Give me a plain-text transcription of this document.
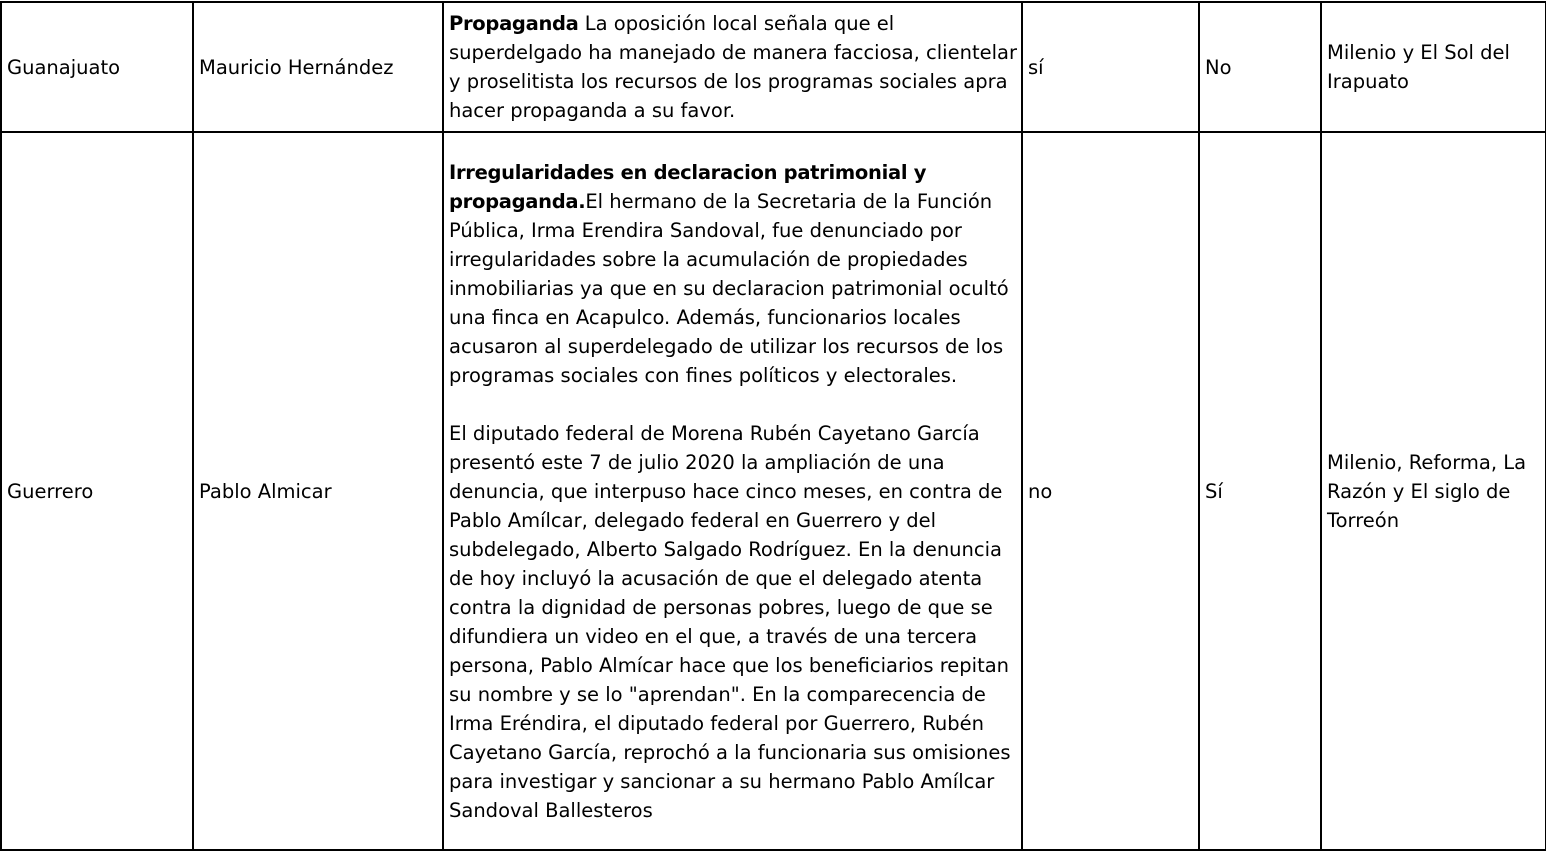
Guanajuato	Mauricio Hernández	Propaganda La oposición local señala que el superdelgado ha manejado de manera facciosa, clientelar y proselitista los recursos de los programas sociales apra hacer propaganda a su favor.	sí	No	Milenio y El Sol del Irapuato

Guerrero	Pablo Almicar	Irregularidades en declaracion patrimonial y propaganda.El hermano de la Secretaria de la Función Pública, Irma Erendira Sandoval, fue denunciado por irregularidades sobre la acumulación de propiedades inmobiliarias ya que en su declaracion patrimonial ocultó una finca en Acapulco. Además, funcionarios locales acusaron al superdelegado de utilizar los recursos de los programas sociales con fines políticos y electorales.
El diputado federal de Morena Rubén Cayetano García presentó este 7 de julio 2020 la ampliación de una denuncia, que interpuso hace cinco meses, en contra de Pablo Amílcar, delegado federal en Guerrero y del subdelegado, Alberto Salgado Rodríguez. En la denuncia de hoy incluyó la acusación de que el delegado atenta contra la dignidad de personas pobres, luego de que se difundiera un video en el que, a través de una tercera persona, Pablo Almícar hace que los beneficiarios repitan su nombre y se lo "aprendan". En la comparecencia de Irma Eréndira, el diputado federal por Guerrero, Rubén Cayetano García, reprochó a la funcionaria sus omisiones para investigar y sancionar a su hermano Pablo Amílcar Sandoval Ballesteros	no	Sí	Milenio, Reforma, La Razón y El siglo de Torreón
